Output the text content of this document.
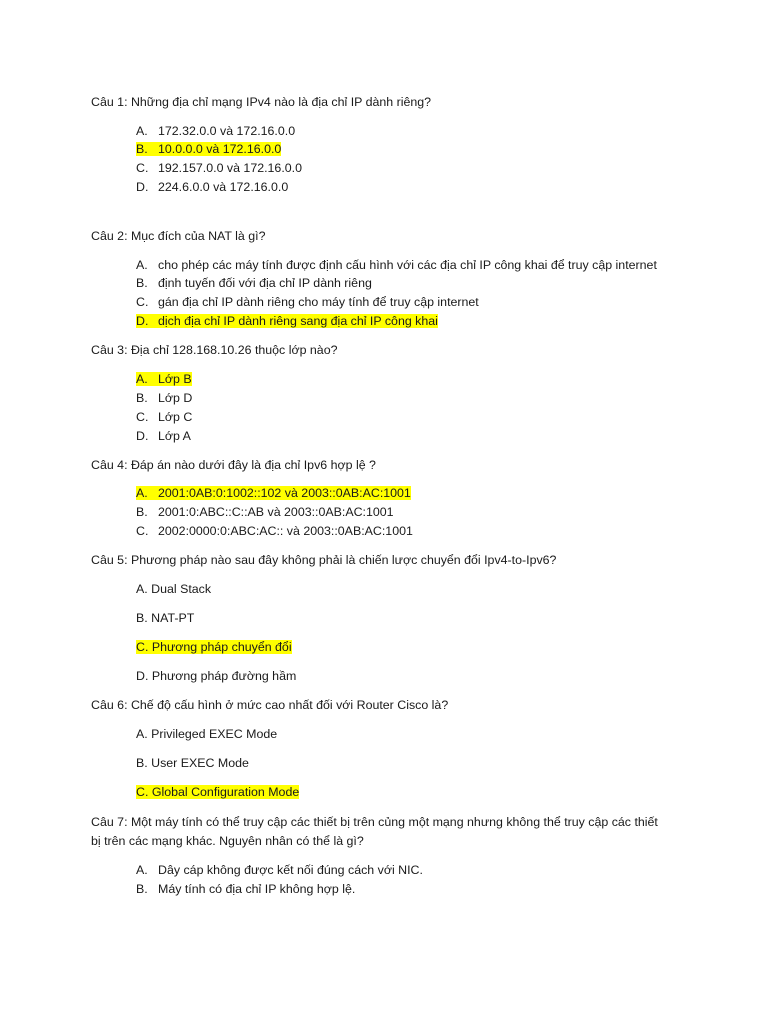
Câu 1: Những địa chỉ mạng IPv4 nào là địa chỉ IP dành riêng?
A. 172.32.0.0 và 172.16.0.0
B. 10.0.0.0 và 172.16.0.0
C. 192.157.0.0 và 172.16.0.0
D. 224.6.0.0 và 172.16.0.0
Câu 2: Mục đích của NAT là gì?
A. cho phép các máy tính được định cấu hình với các địa chỉ IP công khai để truy cập internet
B. định tuyến đối với địa chỉ IP dành riêng
C. gán địa chỉ IP dành riêng cho máy tính để truy cập internet
D. dịch địa chỉ IP dành riêng sang địa chỉ IP công khai
Câu 3: Địa chỉ 128.168.10.26 thuộc lớp nào?
A. Lớp B
B. Lớp D
C. Lớp C
D. Lớp A
Câu 4: Đáp án nào dưới đây là địa chỉ Ipv6 hợp lệ ?
A. 2001:0AB:0:1002::102 và 2003::0AB:AC:1001
B. 2001:0:ABC::C::AB và 2003::0AB:AC:1001
C. 2002:0000:0:ABC:AC:: và 2003::0AB:AC:1001
Câu 5: Phương pháp nào sau đây không phải là chiến lược chuyển đổi Ipv4-to-Ipv6?
A. Dual Stack
B. NAT-PT
C. Phương pháp chuyển đổi
D. Phương pháp đường hầm
Câu 6: Chế độ cấu hình ở mức cao nhất đối với Router Cisco là?
A. Privileged EXEC Mode
B. User EXEC Mode
C. Global Configuration Mode
Câu 7: Một máy tính có thể truy cập các thiết bị trên củng một mạng nhưng không thể truy cập các thiết
bị trên các mạng khác. Nguyên nhân có thể là gì?
A. Dây cáp không được kết nối đúng cách với NIC.
B. Máy tính có địa chỉ IP không hợp lệ.
